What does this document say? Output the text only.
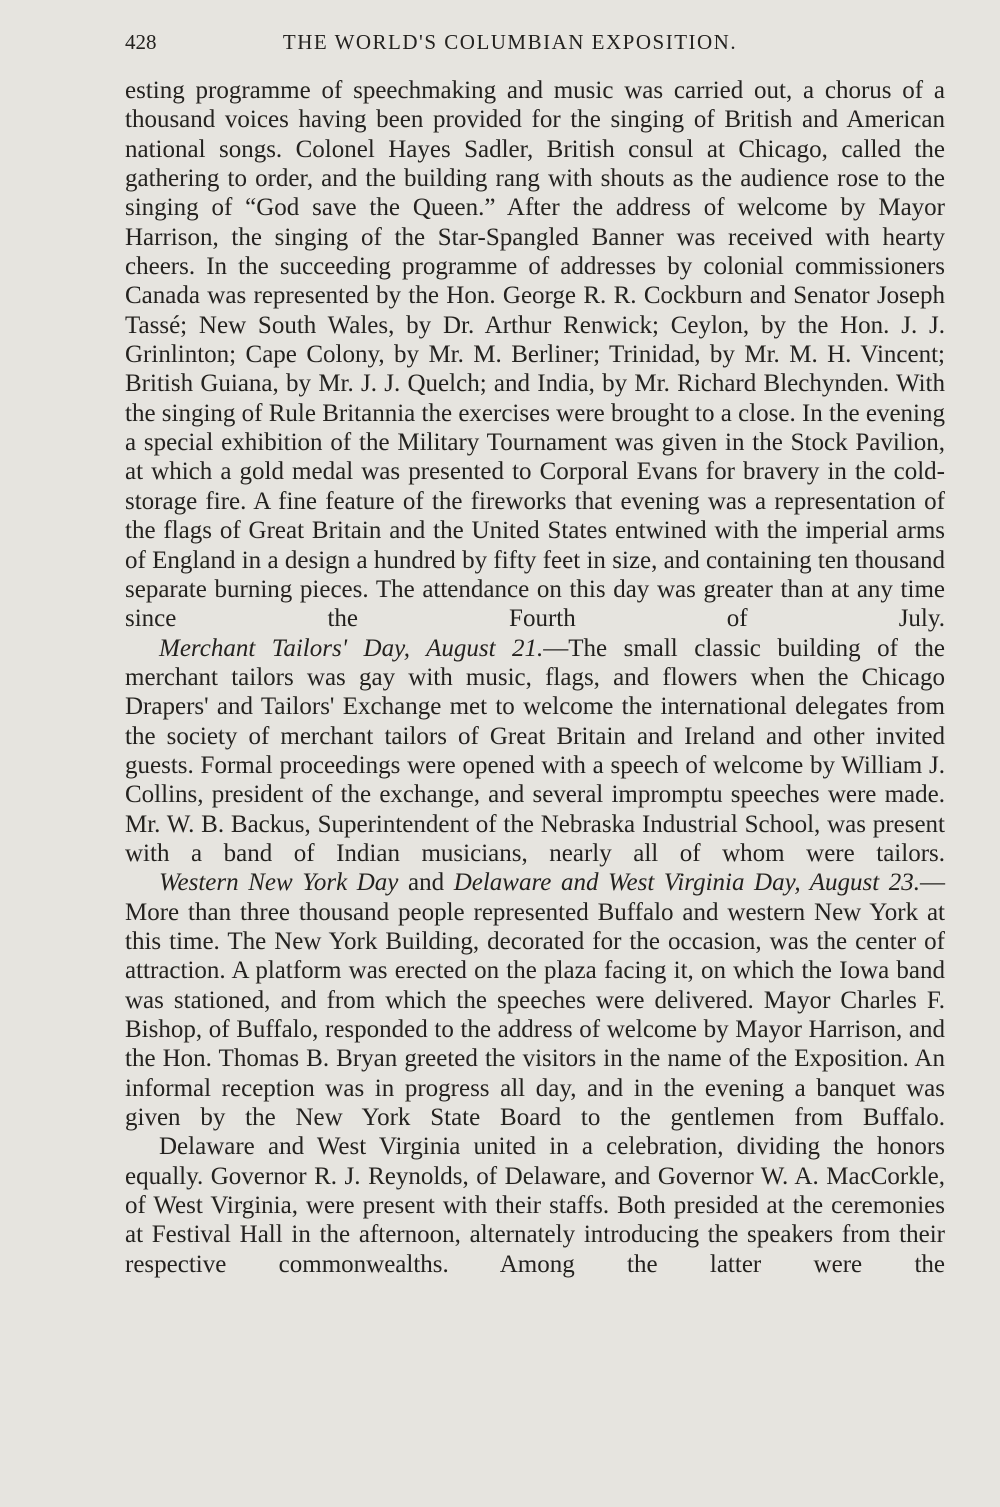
428	THE WORLD'S COLUMBIAN EXPOSITION.

esting programme of speechmaking and music was carried out, a chorus of a thousand voices having been provided for the singing of British and American national songs. Colonel Hayes Sadler, British consul at Chicago, called the gathering to order, and the building rang with shouts as the audience rose to the singing of “God save the Queen.” After the address of welcome by Mayor Harrison, the singing of the Star-Spangled Banner was received with hearty cheers. In the succeeding programme of addresses by colonial commissioners Canada was represented by the Hon. George R. R. Cockburn and Senator Joseph Tassé; New South Wales, by Dr. Arthur Renwick; Ceylon, by the Hon. J. J. Grinlinton; Cape Colony, by Mr. M. Berliner; Trinidad, by Mr. M. H. Vincent; British Guiana, by Mr. J. J. Quelch; and India, by Mr. Richard Blechynden. With the singing of Rule Britannia the exercises were brought to a close. In the evening a special exhibition of the Military Tournament was given in the Stock Pavilion, at which a gold medal was presented to Corporal Evans for bravery in the cold-storage fire. A fine feature of the fireworks that evening was a representation of the flags of Great Britain and the United States entwined with the imperial arms of England in a design a hundred by fifty feet in size, and containing ten thousand separate burning pieces. The attendance on this day was greater than at any time since the Fourth of July.

Merchant Tailors' Day, August 21.—The small classic building of the merchant tailors was gay with music, flags, and flowers when the Chicago Drapers' and Tailors' Exchange met to welcome the international delegates from the society of merchant tailors of Great Britain and Ireland and other invited guests. Formal proceedings were opened with a speech of welcome by William J. Collins, president of the exchange, and several impromptu speeches were made. Mr. W. B. Backus, Superintendent of the Nebraska Industrial School, was present with a band of Indian musicians, nearly all of whom were tailors.

Western New York Day and Delaware and West Virginia Day, August 23.—More than three thousand people represented Buffalo and western New York at this time. The New York Building, decorated for the occasion, was the center of attraction. A platform was erected on the plaza facing it, on which the Iowa band was stationed, and from which the speeches were delivered. Mayor Charles F. Bishop, of Buffalo, responded to the address of welcome by Mayor Harrison, and the Hon. Thomas B. Bryan greeted the visitors in the name of the Exposition. An informal reception was in progress all day, and in the evening a banquet was given by the New York State Board to the gentlemen from Buffalo.

Delaware and West Virginia united in a celebration, dividing the honors equally. Governor R. J. Reynolds, of Delaware, and Governor W. A. MacCorkle, of West Virginia, were present with their staffs. Both presided at the ceremonies at Festival Hall in the afternoon, alternately introducing the speakers from their respective commonwealths. Among the latter were the
